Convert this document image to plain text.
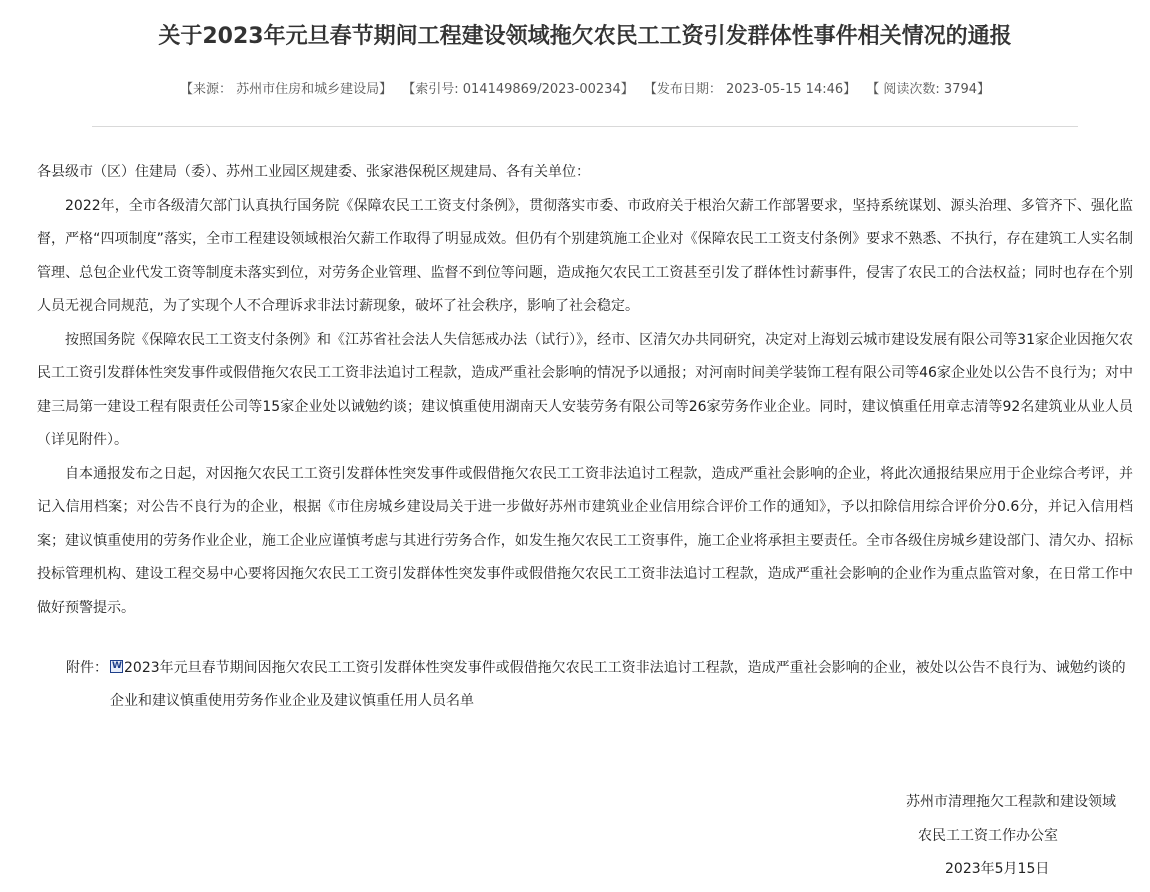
关于2023年元旦春节期间工程建设领域拖欠农民工工资引发群体性事件相关情况的通报
【来源： 苏州市住房和城乡建设局】 【索引号: 014149869/2023-00234】 【发布日期： 2023-05-15 14:46】 【 阅读次数: 3794】

各县级市（区）住建局（委）、苏州工业园区规建委、张家港保税区规建局、各有关单位：

2022年，全市各级清欠部门认真执行国务院《保障农民工工资支付条例》，贯彻落实市委、市政府关于根治欠薪工作部署要求，坚持系统谋划、源头治理、多管齐下、强化监督，严格“四项制度”落实，全市工程建设领域根治欠薪工作取得了明显成效。但仍有个别建筑施工企业对《保障农民工工资支付条例》要求不熟悉、不执行，存在建筑工人实名制管理、总包企业代发工资等制度未落实到位，对劳务企业管理、监督不到位等问题，造成拖欠农民工工资甚至引发了群体性讨薪事件，侵害了农民工的合法权益；同时也存在个别人员无视合同规范，为了实现个人不合理诉求非法讨薪现象，破坏了社会秩序，影响了社会稳定。

按照国务院《保障农民工工资支付条例》和《江苏省社会法人失信惩戒办法（试行）》，经市、区清欠办共同研究，决定对上海划云城市建设发展有限公司等31家企业因拖欠农民工工资引发群体性突发事件或假借拖欠农民工工资非法追讨工程款，造成严重社会影响的情况予以通报；对河南时间美学装饰工程有限公司等46家企业处以公告不良行为；对中建三局第一建设工程有限责任公司等15家企业处以诫勉约谈；建议慎重使用湖南天人安装劳务有限公司等26家劳务作业企业。同时，建议慎重任用章志清等92名建筑业从业人员（详见附件）。

自本通报发布之日起，对因拖欠农民工工资引发群体性突发事件或假借拖欠农民工工资非法追讨工程款，造成严重社会影响的企业，将此次通报结果应用于企业综合考评，并记入信用档案；对公告不良行为的企业，根据《市住房城乡建设局关于进一步做好苏州市建筑业企业信用综合评价工作的通知》，予以扣除信用综合评价分0.6分，并记入信用档案；建议慎重使用的劳务作业企业，施工企业应谨慎考虑与其进行劳务合作，如发生拖欠农民工工资事件，施工企业将承担主要责任。全市各级住房城乡建设部门、清欠办、招标投标管理机构、建设工程交易中心要将因拖欠农民工工资引发群体性突发事件或假借拖欠农民工工资非法追讨工程款，造成严重社会影响的企业作为重点监管对象，在日常工作中做好预警提示。

附件： W	2023年元旦春节期间因拖欠农民工工资引发群体性突发事件或假借拖欠农民工工资非法追讨工程款，造成严重社会影响的企业，被处以公告不良行为、诫勉约谈的企业和建议慎重使用劳务作业企业及建议慎重任用人员名单
苏州市清理拖欠工程款和建设领域
农民工工资工作办公室
2023年5月15日
